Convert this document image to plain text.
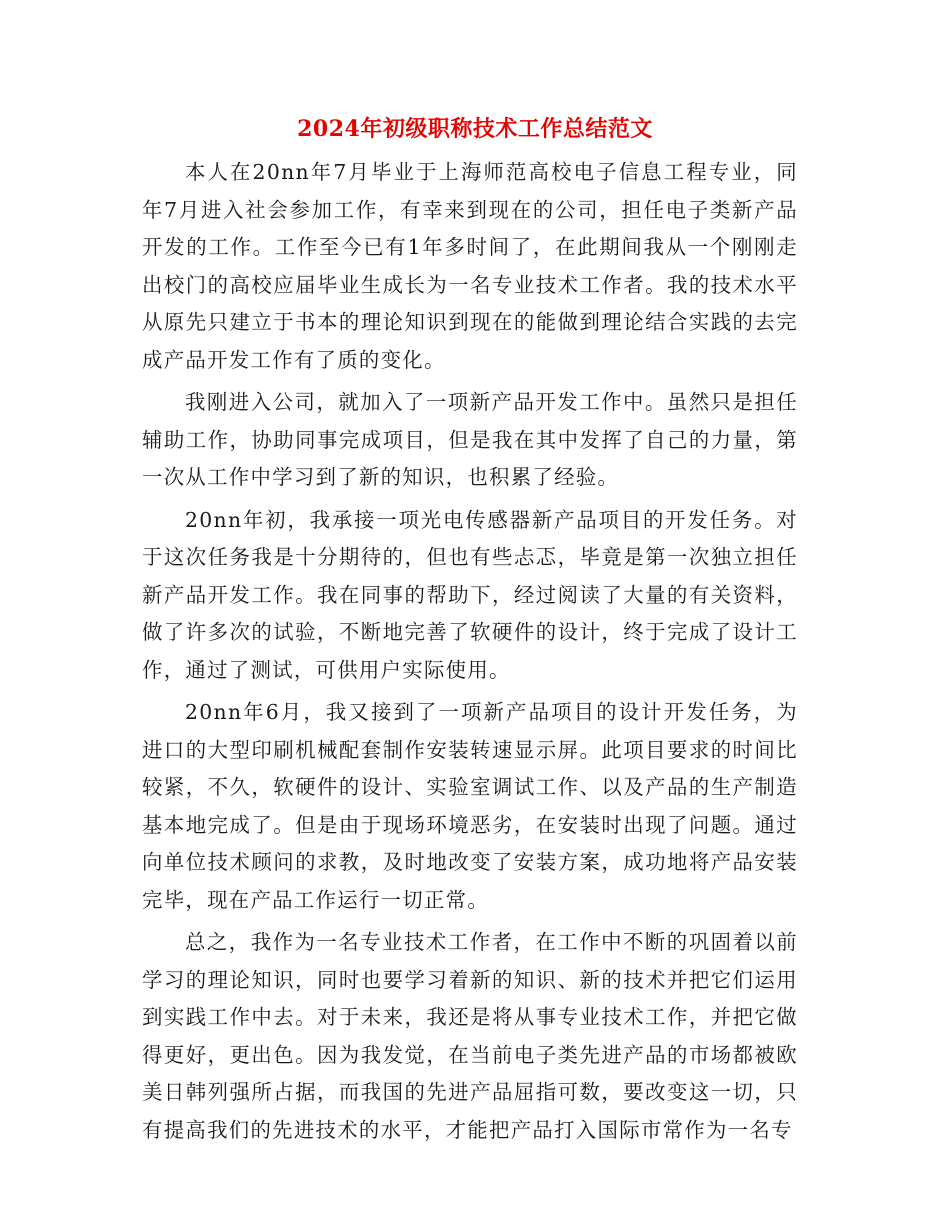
2024年初级职称技术工作总结范文

本人在20nn年7月毕业于上海师范高校电子信息工程专业，同年7月进入社会参加工作，有幸来到现在的公司，担任电子类新产品开发的工作。工作至今已有1年多时间了，在此期间我从一个刚刚走出校门的高校应届毕业生成长为一名专业技术工作者。我的技术水平从原先只建立于书本的理论知识到现在的能做到理论结合实践的去完成产品开发工作有了质的变化。

我刚进入公司，就加入了一项新产品开发工作中。虽然只是担任辅助工作，协助同事完成项目，但是我在其中发挥了自己的力量，第一次从工作中学习到了新的知识，也积累了经验。

20nn年初，我承接一项光电传感器新产品项目的开发任务。对于这次任务我是十分期待的，但也有些忐忑，毕竟是第一次独立担任新产品开发工作。我在同事的帮助下，经过阅读了大量的有关资料，做了许多次的试验，不断地完善了软硬件的设计，终于完成了设计工作，通过了测试，可供用户实际使用。

20nn年6月，我又接到了一项新产品项目的设计开发任务，为进口的大型印刷机械配套制作安装转速显示屏。此项目要求的时间比较紧，不久，软硬件的设计、实验室调试工作、以及产品的生产制造基本地完成了。但是由于现场环境恶劣，在安装时出现了问题。通过向单位技术顾问的求教，及时地改变了安装方案，成功地将产品安装完毕，现在产品工作运行一切正常。

总之，我作为一名专业技术工作者，在工作中不断的巩固着以前学习的理论知识，同时也要学习着新的知识、新的技术并把它们运用到实践工作中去。对于未来，我还是将从事专业技术工作，并把它做得更好，更出色。因为我发觉，在当前电子类先进产品的市场都被欧美日韩列强所占据，而我国的先进产品屈指可数，要改变这一切，只有提高我们的先进技术的水平，才能把产品打入国际市常作为一名专
